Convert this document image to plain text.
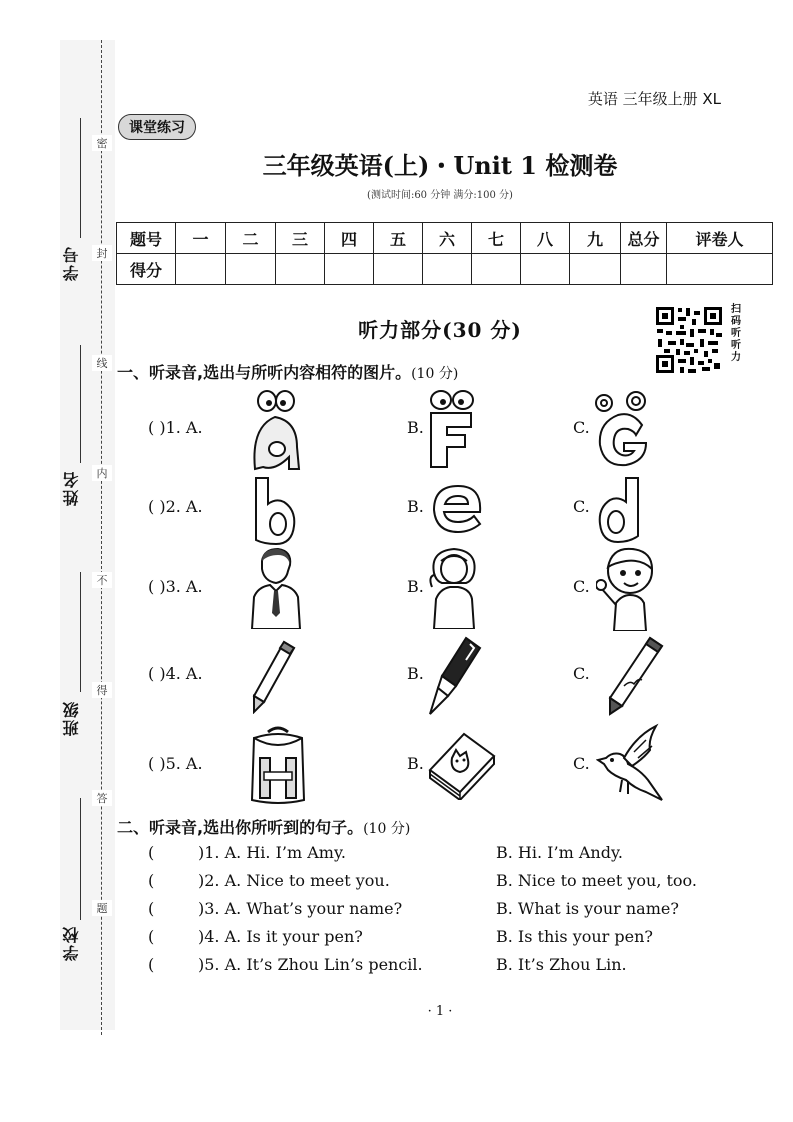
学号
姓名
班级
学校
密
封
线
内
不
得
答
题
英语 三年级上册 XL
课堂练习
三年级英语(上)・Unit 1 检测卷
(测试时间:60 分钟 满分:100 分)
题号	一	二	三	四	五	六	七	八	九	总分	评卷人
得分											
听力部分(30 分)
扫码听听力
一、听录音,选出与所听内容相符的图片。(10 分)
( )1. A.	B.	C.
( )2. A.	B.	C.
( )3. A.	B.	C.
( )4. A.	B.	C.
( )5. A.	B.	C.
二、听录音,选出你所听到的句子。(10 分)
(	)1. A. Hi. I’m Amy.	B. Hi. I’m Andy.
(	)2. A. Nice to meet you.	B. Nice to meet you, too.
(	)3. A. What’s your name?	B. What is your name?
(	)4. A. Is it your pen?	B. Is this your pen?
(	)5. A. It’s Zhou Lin’s pencil.	B. It’s Zhou Lin.
· 1 ·
